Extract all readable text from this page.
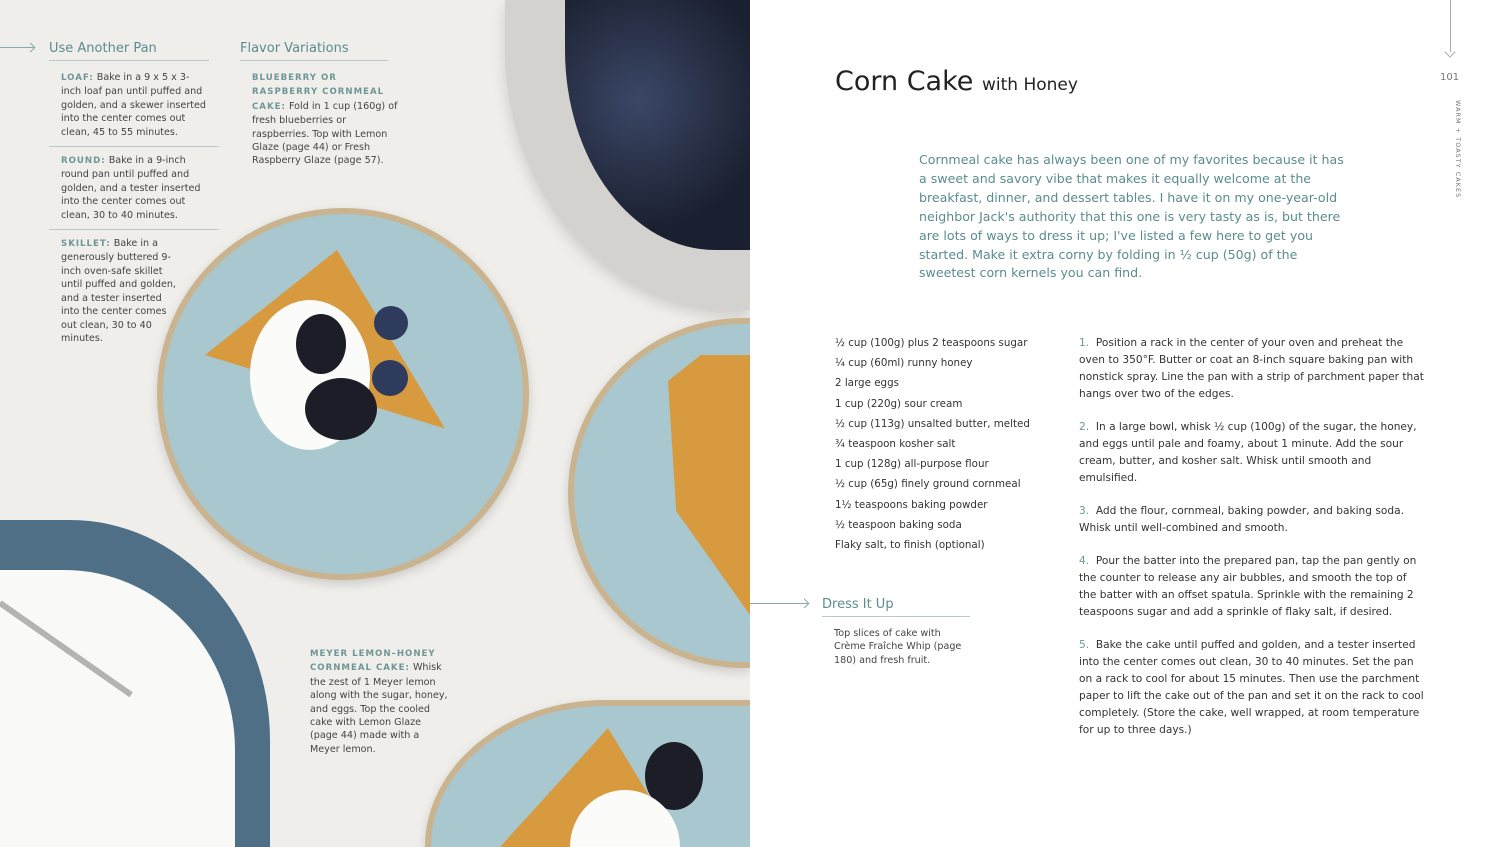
Use Another Pan

LOAF: Bake in a 9 x 5 x 3-inch loaf pan until puffed and golden, and a skewer inserted into the center comes out clean, 45 to 55 minutes.

ROUND: Bake in a 9-inch round pan until puffed and golden, and a tester inserted into the center comes out clean, 30 to 40 minutes.

SKILLET: Bake in a generously buttered 9-inch oven-safe skillet until puffed and golden, and a tester inserted into the center comes out clean, 30 to 40 minutes.

Flavor Variations

BLUEBERRY OR RASPBERRY CORNMEAL CAKE: Fold in 1 cup (160g) of fresh blueberries or raspberries. Top with Lemon Glaze (page 44) or Fresh Raspberry Glaze (page 57).

MEYER LEMON–HONEY CORNMEAL CAKE: Whisk the zest of 1 Meyer lemon along with the sugar, honey, and eggs. Top the cooled cake with Lemon Glaze (page 44) made with a Meyer lemon.

101
WARM + TOASTY CAKES
Corn Cake with Honey

Cornmeal cake has always been one of my favorites because it has a sweet and savory vibe that makes it equally welcome at the breakfast, dinner, and dessert tables. I have it on my one-year-old neighbor Jack's authority that this one is very tasty as is, but there are lots of ways to dress it up; I've listed a few here to get you started. Make it extra corny by folding in ½ cup (50g) of the sweetest corn kernels you can find.

½ cup (100g) plus 2 teaspoons sugar
¼ cup (60ml) runny honey
2 large eggs
1 cup (220g) sour cream
½ cup (113g) unsalted butter, melted
¾ teaspoon kosher salt
1 cup (128g) all-purpose flour
½ cup (65g) finely ground cornmeal
1½ teaspoons baking powder
½ teaspoon baking soda
Flaky salt, to finish (optional)
Dress It Up

Top slices of cake with Crème Fraîche Whip (page 180) and fresh fruit.

1. Position a rack in the center of your oven and preheat the oven to 350°F. Butter or coat an 8-inch square baking pan with nonstick spray. Line the pan with a strip of parchment paper that hangs over two of the edges.
2. In a large bowl, whisk ½ cup (100g) of the sugar, the honey, and eggs until pale and foamy, about 1 minute. Add the sour cream, butter, and kosher salt. Whisk until smooth and emulsified.
3. Add the flour, cornmeal, baking powder, and baking soda. Whisk until well-combined and smooth.
4. Pour the batter into the prepared pan, tap the pan gently on the counter to release any air bubbles, and smooth the top of the batter with an offset spatula. Sprinkle with the remaining 2 teaspoons sugar and add a sprinkle of flaky salt, if desired.
5. Bake the cake until puffed and golden, and a tester inserted into the center comes out clean, 30 to 40 minutes. Set the pan on a rack to cool for about 15 minutes. Then use the parchment paper to lift the cake out of the pan and set it on the rack to cool completely. (Store the cake, well wrapped, at room temperature for up to three days.)
